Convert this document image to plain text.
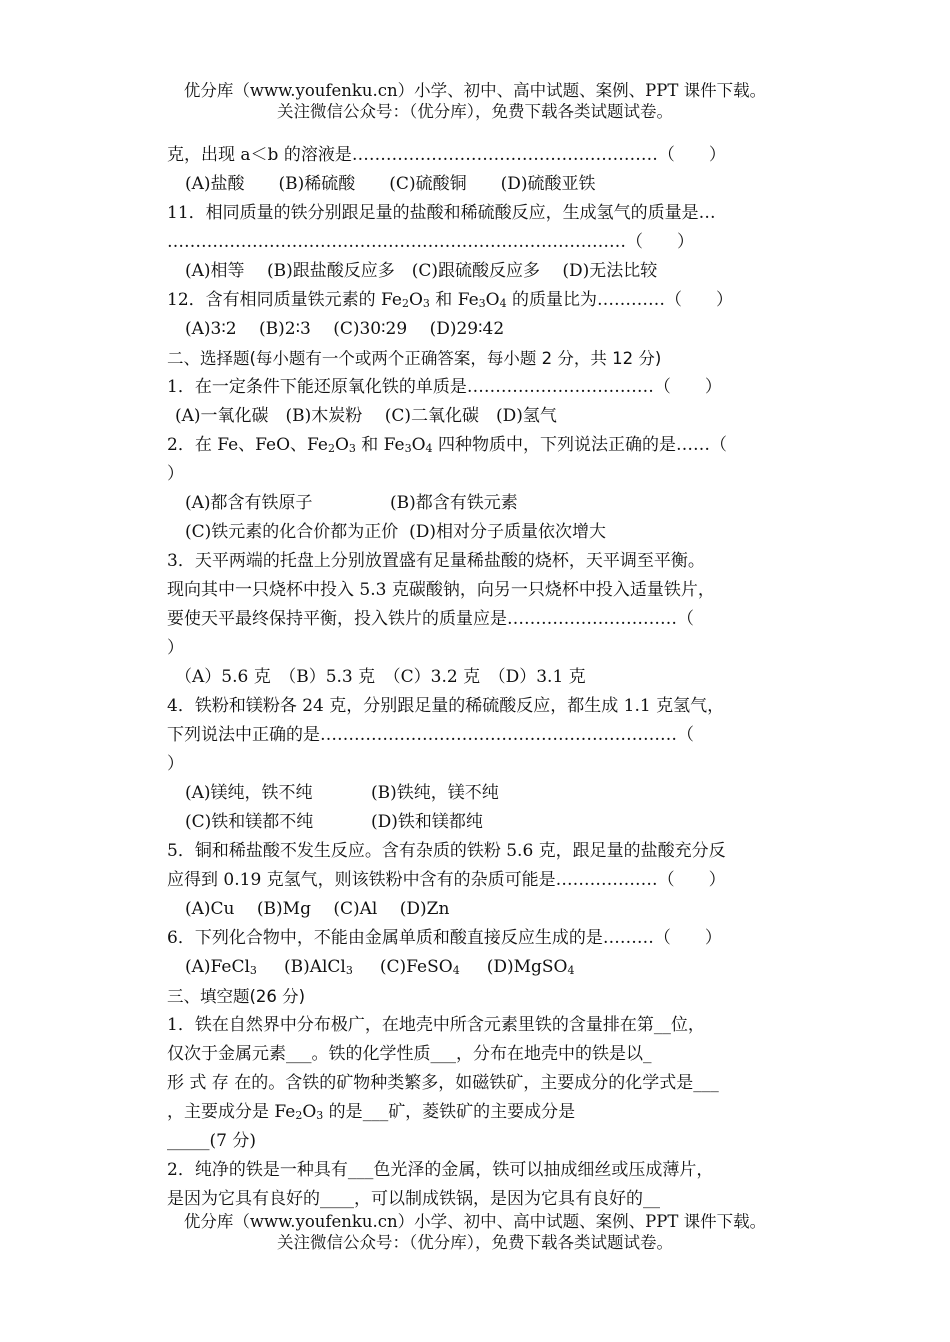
优分库（www.youfenku.cn）小学、初中、高中试题、案例、PPT 课件下载。
关注微信公众号：（优分库），免费下载各类试题试卷。

克，出现 a＜b 的溶液是………………………………………………（　　）

(A)盐酸　　(B)稀硫酸　　(C)硫酸铜　　(D)硫酸亚铁

11．相同质量的铁分别跟足量的盐酸和稀硫酸反应，生成氢气的质量是…

………………………………………………………………………（　　）

(A)相等　 (B)跟盐酸反应多　(C)跟硫酸反应多　 (D)无法比较

12．含有相同质量铁元素的 $Fe_2O_3$ 和 $Fe_3O_4$ 的质量比为…………（　　）

(A)3∶2　 (B)2∶3　 (C)30∶29　 (D)29∶42

二、选择题(每小题有一个或两个正确答案，每小题 2 分，共 12 分)

1．在一定条件下能还原氧化铁的单质是……………………………（　　）

(A)一氧化碳　(B)木炭粉　 (C)二氧化碳　(D)氢气

2．在 Fe、FeO、$Fe_2O_3$ 和 $Fe_3O_4$ 四种物质中，下列说法正确的是……（

）

(A)都含有铁原子	(B)都含有铁元素

(C)铁元素的化合价都为正价 (D)相对分子质量依次增大

3．天平两端的托盘上分别放置盛有足量稀盐酸的烧杯，天平调至平衡。

现向其中一只烧杯中投入 5.3 克碳酸钠，向另一只烧杯中投入适量铁片，

要使天平最终保持平衡，投入铁片的质量应是…………………………（

）

（A）5.6 克　（B）5.3 克　（C）3.2 克　（D）3.1 克

4．铁粉和镁粉各 24 克，分别跟足量的稀硫酸反应，都生成 1.1 克氢气，

下列说法中正确的是………………………………………………………（

）

(A)镁纯，铁不纯	(B)铁纯，镁不纯

(C)铁和镁都不纯	(D)铁和镁都纯

5．铜和稀盐酸不发生反应。含有杂质的铁粉 5.6 克，跟足量的盐酸充分反

应得到 0.19 克氢气，则该铁粉中含有的杂质可能是………………（　　）

(A)Cu　 (B)Mg　 (C)Al　 (D)Zn

6．下列化合物中，不能由金属单质和酸直接反应生成的是………（　　）

(A)FeCl$_3$ (B)AlCl$_3$ (C)FeSO$_4$ (D)MgSO$_4$

三、填空题(26 分)

1．铁在自然界中分布极广，在地壳中所含元素里铁的含量排在第__位，

仅次于金属元素___。铁的化学性质___，分布在地壳中的铁是以_

形 式 存 在的。含铁的矿物种类繁多，如磁铁矿，主要成分的化学式是___

，主要成分是 $Fe_2O_3$ 的是___矿，菱铁矿的主要成分是

_____(7 分)

2．纯净的铁是一种具有___色光泽的金属，铁可以抽成细丝或压成薄片，

是因为它具有良好的____，可以制成铁锅，是因为它具有良好的__

优分库（www.youfenku.cn）小学、初中、高中试题、案例、PPT 课件下载。
关注微信公众号：（优分库），免费下载各类试题试卷。
